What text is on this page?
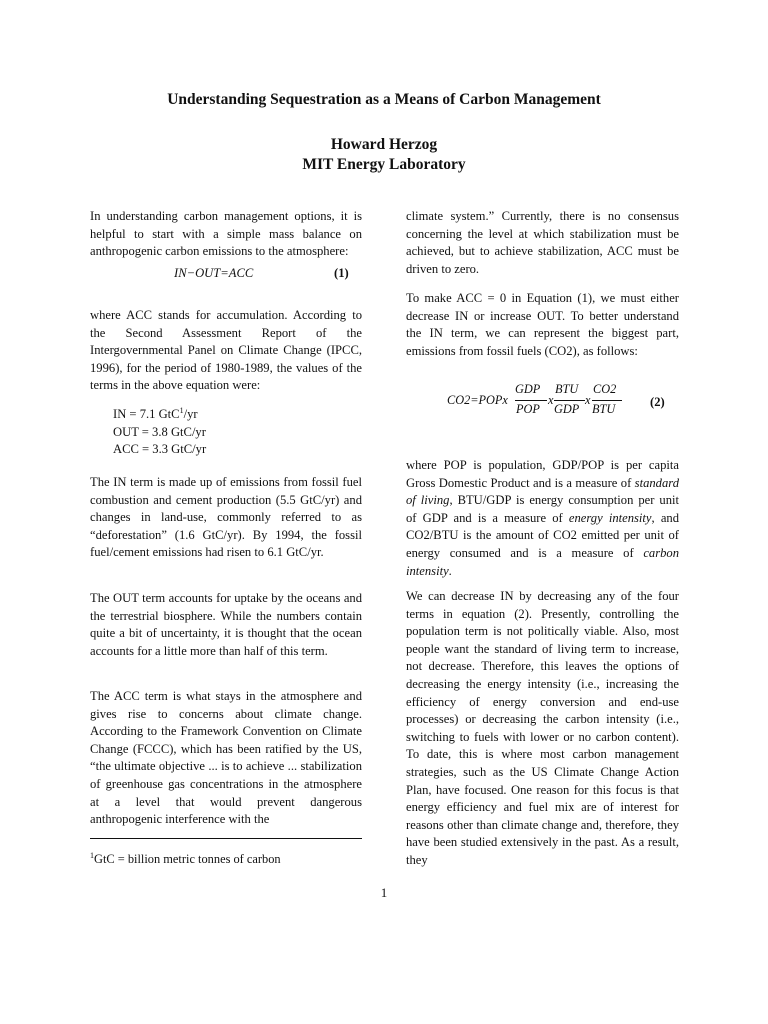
Understanding Sequestration as a Means of Carbon Management
Howard Herzog
MIT Energy Laboratory

In understanding carbon management options, it is helpful to start with a simple mass balance on anthropogenic carbon emissions to the atmosphere:

IN−OUT=ACC	(1)

where ACC stands for accumulation. According to the Second Assessment Report of the Intergovernmental Panel on Climate Change (IPCC, 1996), for the period of 1980-1989, the values of the terms in the above equation were:

IN = 7.1 GtC$^1$/yr
OUT = 3.8 GtC/yr
ACC = 3.3 GtC/yr

The IN term is made up of emissions from fossil fuel combustion and cement production (5.5 GtC/yr) and changes in land-use, commonly referred to as “deforestation” (1.6 GtC/yr). By 1994, the fossil fuel/cement emissions had risen to 6.1 GtC/yr.

The OUT term accounts for uptake by the oceans and the terrestrial biosphere. While the numbers contain quite a bit of uncertainty, it is thought that the ocean accounts for a little more than half of this term.

The ACC term is what stays in the atmosphere and gives rise to concerns about climate change. According to the Framework Convention on Climate Change (FCCC), which has been ratified by the US, “the ultimate objective ... is to achieve ... stabilization of greenhouse gas concentrations in the atmosphere at a level that would prevent dangerous anthropogenic interference with the

$^1$GtC = billion metric tonnes of carbon

climate system.” Currently, there is no consensus concerning the level at which stabilization must be achieved, but to achieve stabilization, ACC must be driven to zero.

To make ACC = 0 in Equation (1), we must either decrease IN or increase OUT. To better understand the IN term, we can represent the biggest part, emissions from fossil fuels (CO2), as follows:

CO2=POPx
GDP
POP
x
BTU
GDP
x
CO2
BTU	(2)

where POP is population, GDP/POP is per capita Gross Domestic Product and is a measure of standard of living, BTU/GDP is energy consumption per unit of GDP and is a measure of energy intensity, and CO2/BTU is the amount of CO2 emitted per unit of energy consumed and is a measure of carbon intensity.

We can decrease IN by decreasing any of the four terms in equation (2). Presently, controlling the population term is not politically viable. Also, most people want the standard of living term to increase, not decrease. Therefore, this leaves the options of decreasing the energy intensity (i.e., increasing the efficiency of energy conversion and end-use processes) or decreasing the carbon intensity (i.e., switching to fuels with lower or no carbon content). To date, this is where most carbon management strategies, such as the US Climate Change Action Plan, have focused. One reason for this focus is that energy efficiency and fuel mix are of interest for reasons other than climate change and, therefore, they have been studied extensively in the past. As a result, they

1
